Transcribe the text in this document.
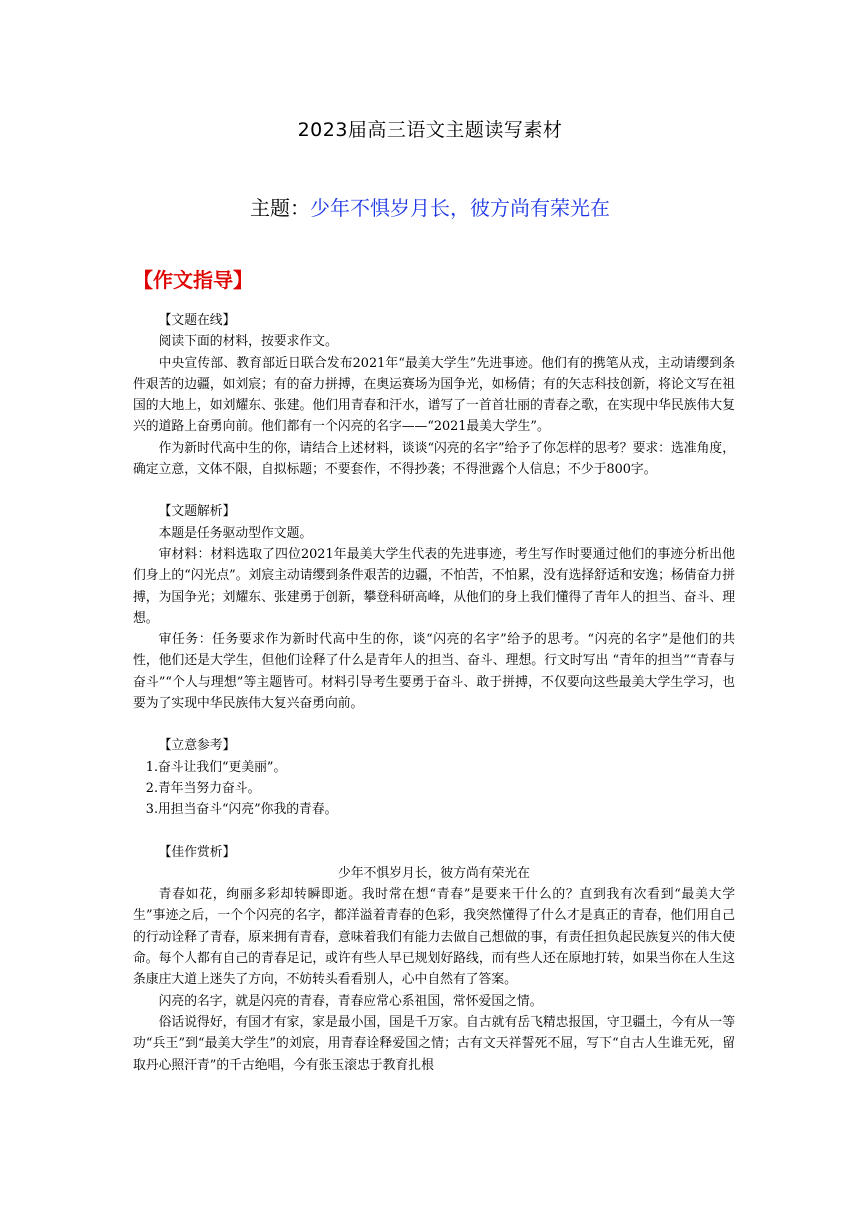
2023届高三语文主题读写素材
主题：少年不惧岁月长，彼方尚有荣光在
【作文指导】

【文题在线】

阅读下面的材料，按要求作文。

中央宣传部、教育部近日联合发布2021年“最美大学生”先进事迹。他们有的携笔从戎，主动请缨到条件艰苦的边疆，如刘宸；有的奋力拼搏，在奥运赛场为国争光，如杨倩；有的矢志科技创新，将论文写在祖国的大地上，如刘耀东、张建。他们用青春和汗水，谱写了一首首壮丽的青春之歌，在实现中华民族伟大复兴的道路上奋勇向前。他们都有一个闪亮的名字——“2021最美大学生”。

作为新时代高中生的你，请结合上述材料，谈谈“闪亮的名字”给予了你怎样的思考？要求：选准角度，确定立意，文体不限，自拟标题；不要套作，不得抄袭；不得泄露个人信息；不少于800字。

【文题解析】

本题是任务驱动型作文题。

审材料：材料选取了四位2021年最美大学生代表的先进事迹，考生写作时要通过他们的事迹分析出他们身上的“闪光点”。刘宸主动请缨到条件艰苦的边疆，不怕苦，不怕累，没有选择舒适和安逸；杨倩奋力拼搏，为国争光；刘耀东、张建勇于创新，攀登科研高峰，从他们的身上我们懂得了青年人的担当、奋斗、理想。

审任务：任务要求作为新时代高中生的你，谈“闪亮的名字”给予的思考。“闪亮的名字”是他们的共性，他们还是大学生，但他们诠释了什么是青年人的担当、奋斗、理想。行文时写出 “青年的担当”“青春与奋斗”“个人与理想”等主题皆可。材料引导考生要勇于奋斗、敢于拼搏，不仅要向这些最美大学生学习，也要为了实现中华民族伟大复兴奋勇向前。

【立意参考】

1.奋斗让我们“更美丽”。

2.青年当努力奋斗。

3.用担当奋斗“闪亮”你我的青春。

【佳作赏析】

少年不惧岁月长，彼方尚有荣光在

青春如花，绚丽多彩却转瞬即逝。我时常在想“青春”是要来干什么的？直到我有次看到“最美大学生”事迹之后，一个个闪亮的名字，都洋溢着青春的色彩，我突然懂得了什么才是真正的青春，他们用自己的行动诠释了青春，原来拥有青春，意味着我们有能力去做自己想做的事，有责任担负起民族复兴的伟大使命。每个人都有自己的青春足记，或许有些人早已规划好路线，而有些人还在原地打转，如果当你在人生这条康庄大道上迷失了方向，不妨转头看看别人，心中自然有了答案。

闪亮的名字，就是闪亮的青春，青春应常心系祖国，常怀爱国之情。

俗话说得好，有国才有家，家是最小国，国是千万家。自古就有岳飞精忠报国，守卫疆土，今有从一等功“兵王”到“最美大学生”的刘宸，用青春诠释爱国之情；古有文天祥誓死不屈，写下“自古人生谁无死，留取丹心照汗青”的千古绝唱，今有张玉滚忠于教育扎根
